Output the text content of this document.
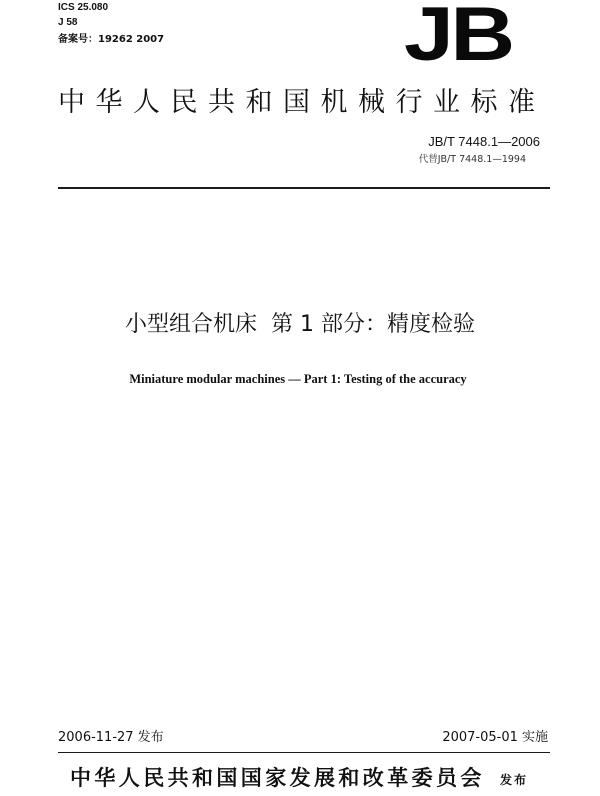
ICS 25.080
J 58
备案号：19262 2007	JB
中华人民共和国机械行业标准
JB/T 7448.1—2006
代替JB/T 7448.1—1994
小型组合机床  第 1 部分：精度检验
Miniature modular machines — Part 1: Testing of the accuracy
2006-11-27 发布	2007-05-01 实施
中华人民共和国国家发展和改革委员会 发布
